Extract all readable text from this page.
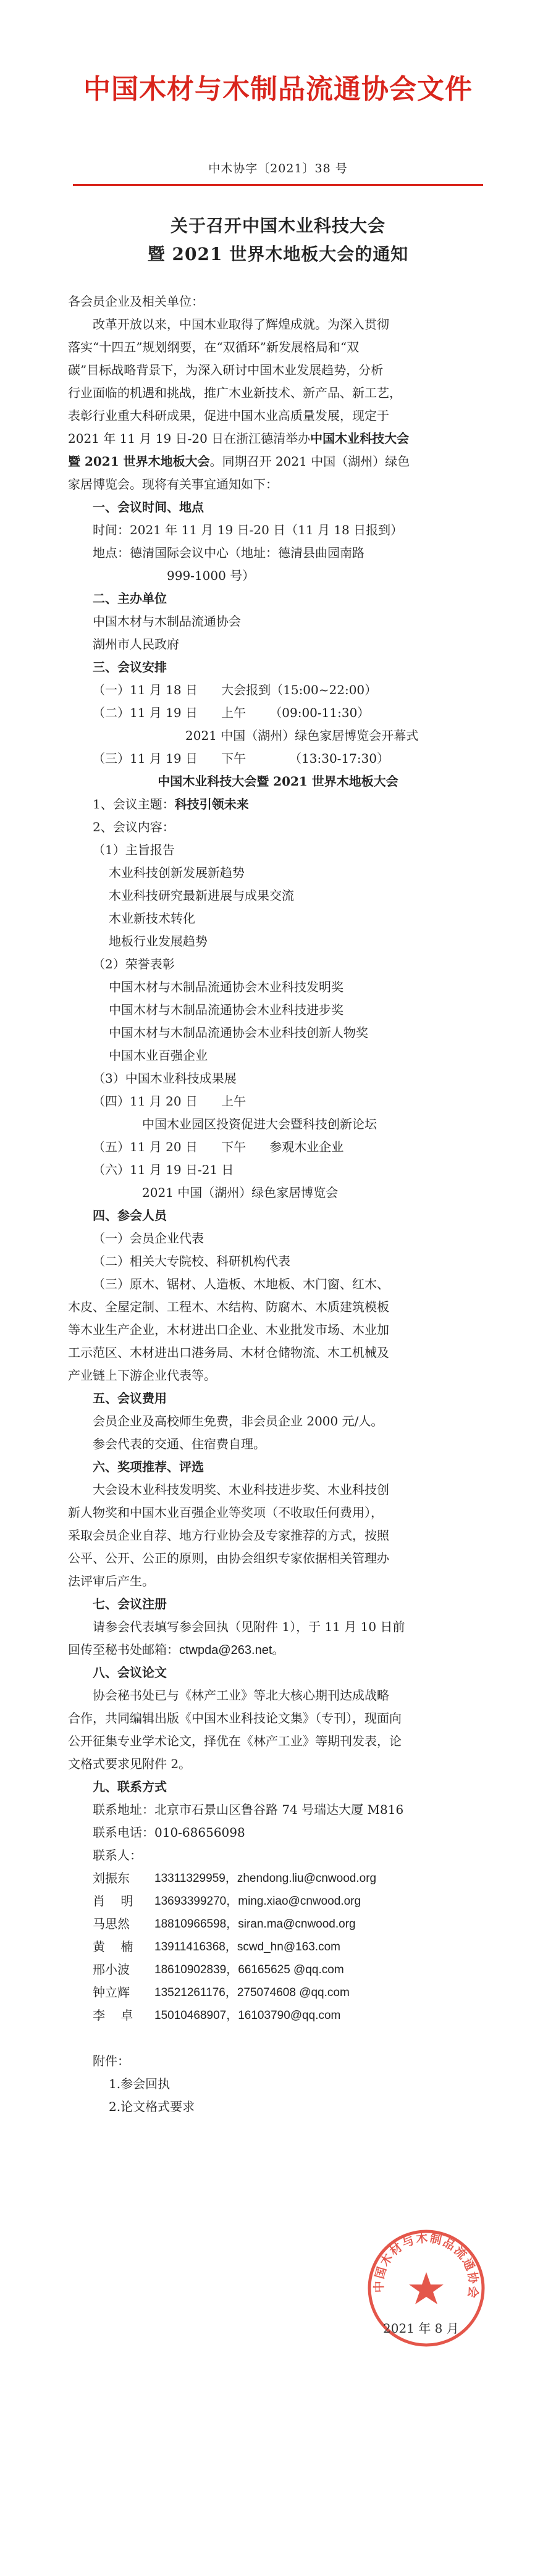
中国木材与木制品流通协会文件
中木协字〔2021〕38 号
关于召开中国木业科技大会
暨 2021 世界木地板大会的通知
各会员企业及相关单位：
改革开放以来，中国木业取得了辉煌成就。为深入贯彻
落实“十四五”规划纲要，在“双循环”新发展格局和“双
碳”目标战略背景下，为深入研讨中国木业发展趋势，分析
行业面临的机遇和挑战，推广木业新技术、新产品、新工艺，
表彰行业重大科研成果，促进中国木业高质量发展，现定于
2021 年 11 月 19 日-20 日在浙江德清举办中国木业科技大会
暨 2021 世界木地板大会。同期召开 2021 中国（湖州）绿色
家居博览会。现将有关事宜通知如下：
一、会议时间、地点
时间：2021 年 11 月 19 日-20 日（11 月 18 日报到）
地点：德清国际会议中心（地址：德清县曲园南路
999-1000 号）
二、主办单位
中国木材与木制品流通协会
湖州市人民政府
三、会议安排
（一）11 月 18 日      大会报到（15:00~22:00）
（二）11 月 19 日      上午      （09:00-11:30）
2021 中国（湖州）绿色家居博览会开幕式
（三）11 月 19 日      下午           （13:30-17:30）
中国木业科技大会暨 2021 世界木地板大会
1、会议主题：科技引领未来
2、会议内容：
（1）主旨报告
木业科技创新发展新趋势
木业科技研究最新进展与成果交流
木业新技术转化
地板行业发展趋势
（2）荣誉表彰
中国木材与木制品流通协会木业科技发明奖
中国木材与木制品流通协会木业科技进步奖
中国木材与木制品流通协会木业科技创新人物奖
中国木业百强企业
（3）中国木业科技成果展
（四）11 月 20 日      上午
中国木业园区投资促进大会暨科技创新论坛
（五）11 月 20 日      下午      参观木业企业
（六）11 月 19 日-21 日
2021 中国（湖州）绿色家居博览会
四、参会人员
（一）会员企业代表
（二）相关大专院校、科研机构代表
（三）原木、锯材、人造板、木地板、木门窗、红木、
木皮、全屋定制、工程木、木结构、防腐木、木质建筑模板
等木业生产企业，木材进出口企业、木业批发市场、木业加
工示范区、木材进出口港务局、木材仓储物流、木工机械及
产业链上下游企业代表等。
五、会议费用
会员企业及高校师生免费，非会员企业 2000 元/人。
参会代表的交通、住宿费自理。
六、奖项推荐、评选
大会设木业科技发明奖、木业科技进步奖、木业科技创
新人物奖和中国木业百强企业等奖项（不收取任何费用），
采取会员企业自荐、地方行业协会及专家推荐的方式，按照
公平、公开、公正的原则，由协会组织专家依据相关管理办
法评审后产生。
七、会议注册
请参会代表填写参会回执（见附件 1），于 11 月 10 日前
回传至秘书处邮箱：ctwpda@263.net。
八、会议论文
协会秘书处已与《林产工业》等北大核心期刊达成战略
合作，共同编辑出版《中国木业科技论文集》（专刊），现面向
公开征集专业学术论文，择优在《林产工业》等期刊发表，论
文格式要求见附件 2。
九、联系方式
联系地址：北京市石景山区鲁谷路 74 号瑞达大厦 M816
联系电话：010-68656098
联系人：
刘振东	13311329959，zhendong.liu@cnwood.org
肖    明	13693399270，ming.xiao@cnwood.org
马思然	18810966598，siran.ma@cnwood.org
黄    楠	13911416368，scwd_hn@163.com
邢小波	18610902839，66165625 @qq.com
钟立辉	13521261176，275074608 @qq.com
李    卓	15010468907，16103790@qq.com
附件：
1.参会回执
2.论文格式要求
中国木材与木制品流通协会
2021 年 8 月
